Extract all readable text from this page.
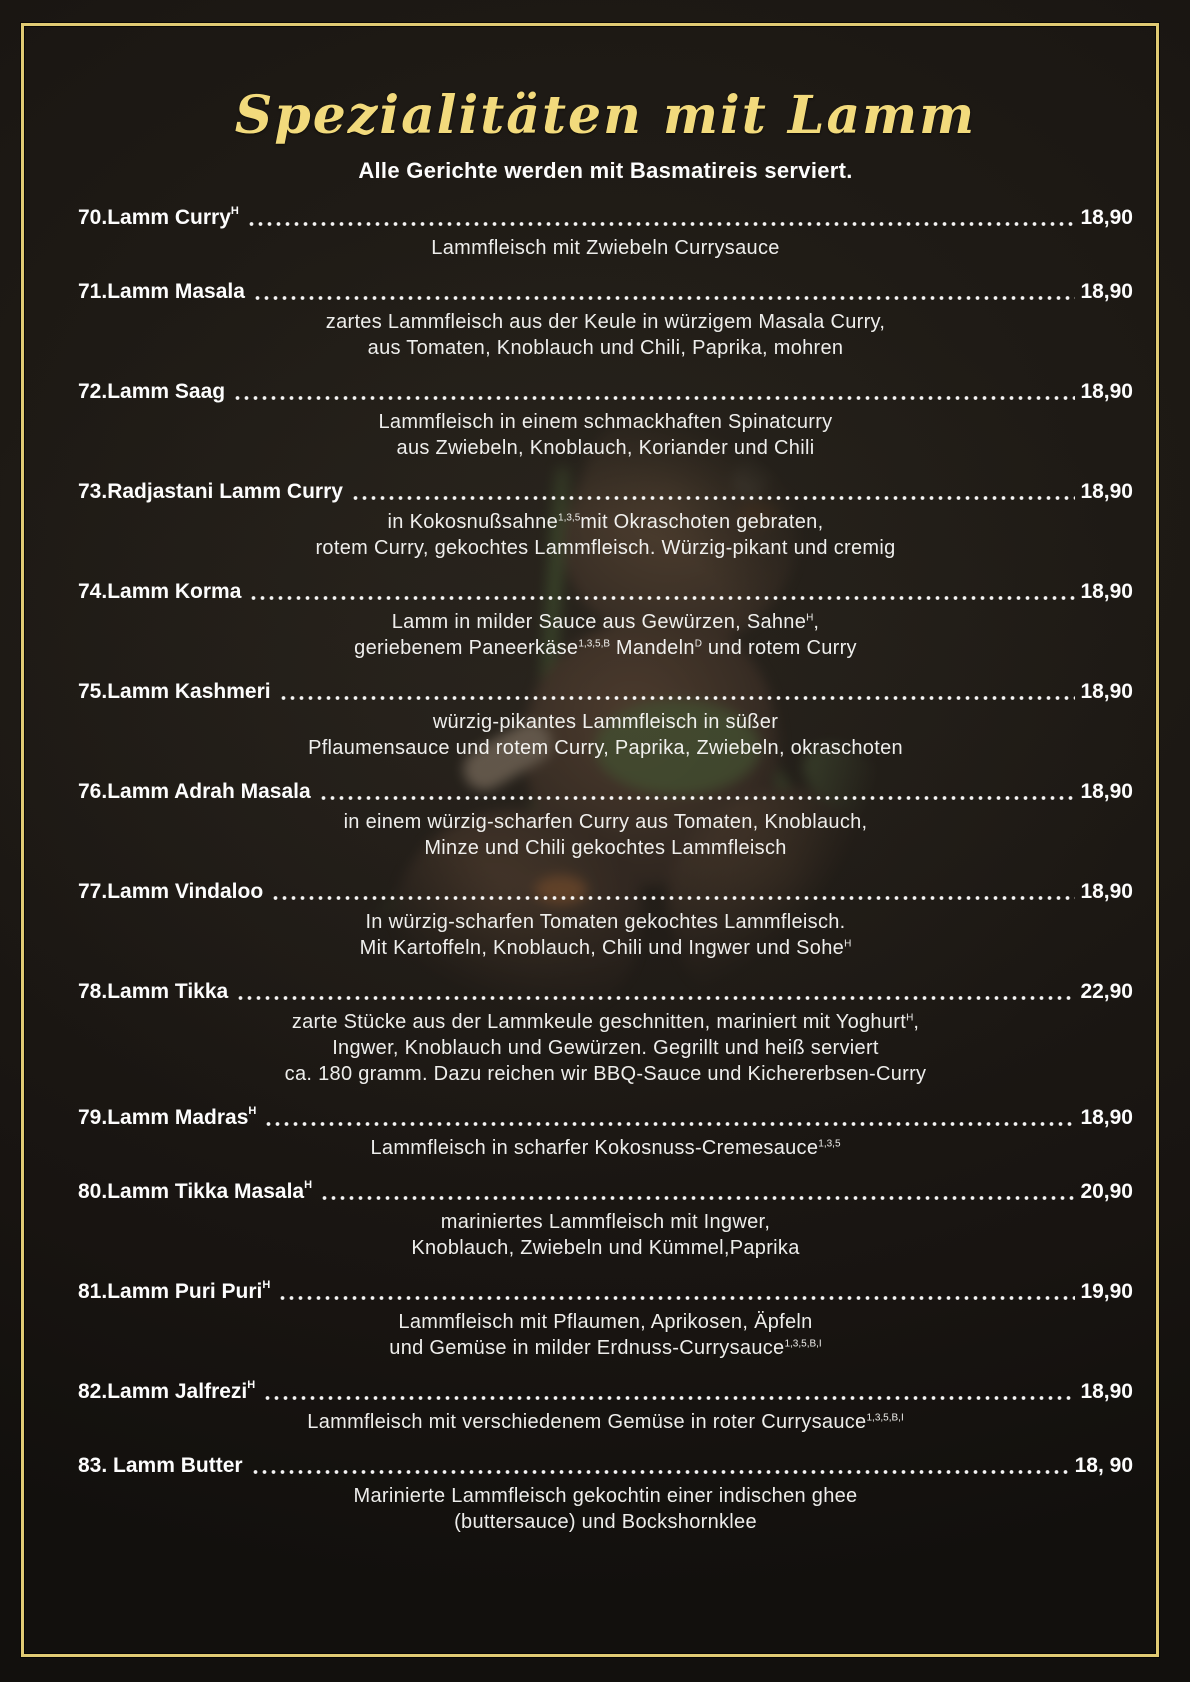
Spezialitäten mit Lamm
Alle Gerichte werden mit Basmatireis serviert.
70.Lamm Curry$^H$	18,90
Lammfleisch mit Zwiebeln Currysauce
71.Lamm Masala	18,90
zartes Lammfleisch aus der Keule in würzigem Masala Curry,
aus Tomaten, Knoblauch und Chili, Paprika, mohren
72.Lamm Saag	18,90
Lammfleisch in einem schmackhaften Spinatcurry
aus Zwiebeln, Knoblauch, Koriander und Chili
73.Radjastani Lamm Curry	18,90
in Kokosnußsahne$^{1,3,5}$mit Okraschoten gebraten,
rotem Curry, gekochtes Lammfleisch. Würzig-pikant und cremig
74.Lamm Korma	18,90
Lamm in milder Sauce aus Gewürzen, Sahne$^H$,
geriebenem Paneerkäse$^{1,3,5,B}$ Mandeln$^D$ und rotem Curry
75.Lamm Kashmeri	18,90
würzig-pikantes Lammfleisch in süßer
Pflaumensauce und rotem Curry, Paprika, Zwiebeln, okraschoten
76.Lamm Adrah Masala	18,90
in einem würzig-scharfen Curry aus Tomaten, Knoblauch,
Minze und Chili gekochtes Lammfleisch
77.Lamm Vindaloo	18,90
In würzig-scharfen Tomaten gekochtes Lammfleisch.
Mit Kartoffeln, Knoblauch, Chili und Ingwer und Sohe$^H$
78.Lamm Tikka	22,90
zarte Stücke aus der Lammkeule geschnitten, mariniert mit Yoghurt$^H$,
Ingwer, Knoblauch und Gewürzen. Gegrillt und heiß serviert
ca. 180 gramm. Dazu reichen wir BBQ-Sauce und Kichererbsen-Curry
79.Lamm Madras$^H$	18,90
Lammfleisch in scharfer Kokosnuss-Cremesauce$^{1,3,5}$
80.Lamm Tikka Masala$^H$	20,90
mariniertes Lammfleisch mit Ingwer,
Knoblauch, Zwiebeln und Kümmel,Paprika
81.Lamm Puri Puri$^H$	19,90
Lammfleisch mit Pflaumen, Aprikosen, Äpfeln
und Gemüse in milder Erdnuss-Currysauce$^{1,3,5,B,I}$
82.Lamm Jalfrezi$^H$	18,90
Lammfleisch mit verschiedenem Gemüse in roter Currysauce$^{1,3,5,B,I}$
83. Lamm Butter	18, 90
Marinierte Lammfleisch gekochtin einer indischen ghee
(buttersauce) und Bockshornklee
